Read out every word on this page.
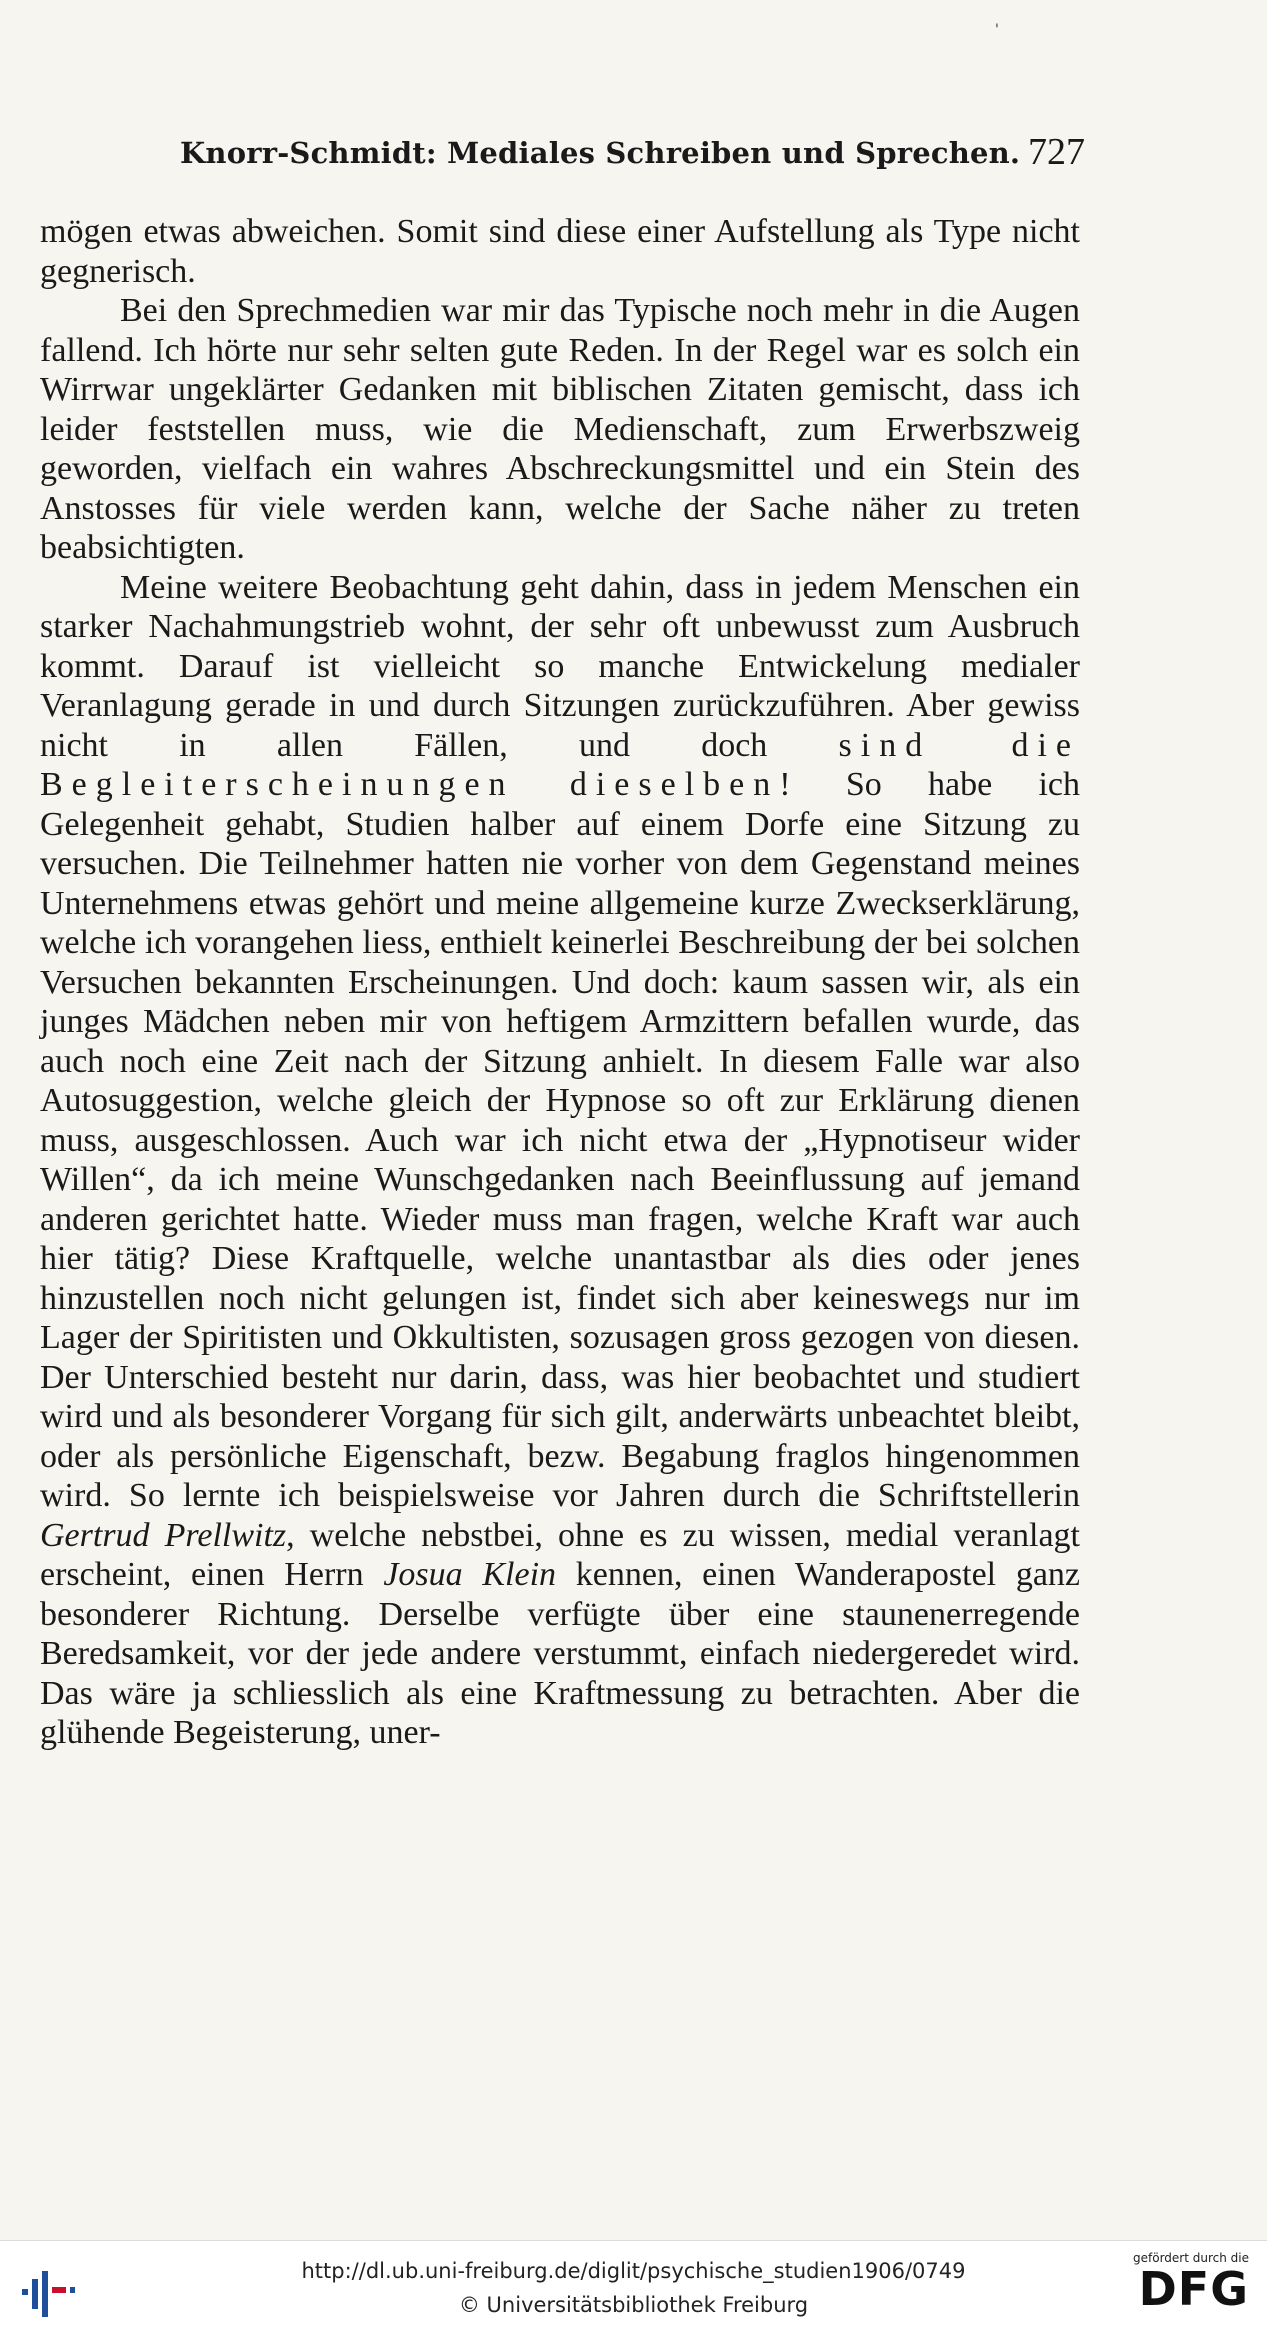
'
Knorr-Schmidt: Mediales Schreiben und Sprechen. 727

mögen etwas abweichen. Somit sind diese einer Aufstellung als Type nicht gegnerisch.

Bei den Sprechmedien war mir das Typische noch mehr in die Augen fallend. Ich hörte nur sehr selten gute Reden. In der Regel war es solch ein Wirrwar ungeklärter Gedanken mit biblischen Zitaten gemischt, dass ich leider feststellen muss, wie die Medienschaft, zum Erwerbszweig geworden, vielfach ein wahres Abschreckungsmittel und ein Stein des Anstosses für viele werden kann, welche der Sache näher zu treten beabsichtigten.

Meine weitere Beobachtung geht dahin, dass in jedem Menschen ein starker Nachahmungstrieb wohnt, der sehr oft unbewusst zum Ausbruch kommt. Darauf ist vielleicht so manche Entwickelung medialer Veranlagung gerade in und durch Sitzungen zurückzuführen. Aber gewiss nicht in allen Fällen, und doch sind die Begleiterscheinungen dieselben! So habe ich Gelegenheit gehabt, Studien halber auf einem Dorfe eine Sitzung zu versuchen. Die Teilnehmer hatten nie vorher von dem Gegenstand meines Unternehmens etwas gehört und meine allgemeine kurze Zweckserklärung, welche ich vorangehen liess, enthielt keinerlei Beschreibung der bei solchen Versuchen bekannten Erscheinungen. Und doch: kaum sassen wir, als ein junges Mädchen neben mir von heftigem Armzittern befallen wurde, das auch noch eine Zeit nach der Sitzung anhielt. In diesem Falle war also Autosuggestion, welche gleich der Hypnose so oft zur Erklärung dienen muss, ausgeschlossen. Auch war ich nicht etwa der „Hypnotiseur wider Willen“, da ich meine Wunschgedanken nach Beeinflussung auf jemand anderen gerichtet hatte. Wieder muss man fragen, welche Kraft war auch hier tätig? Diese Kraftquelle, welche unantastbar als dies oder jenes hinzustellen noch nicht gelungen ist, findet sich aber keineswegs nur im Lager der Spiritisten und Okkultisten, sozusagen gross gezogen von diesen. Der Unterschied besteht nur darin, dass, was hier beobachtet und studiert wird und als besonderer Vorgang für sich gilt, anderwärts unbeachtet bleibt, oder als persönliche Eigenschaft, bezw. Begabung fraglos hingenommen wird. So lernte ich beispielsweise vor Jahren durch die Schriftstellerin Gertrud Prellwitz, welche nebstbei, ohne es zu wissen, medial veranlagt erscheint, einen Herrn Josua Klein kennen, einen Wanderapostel ganz besonderer Richtung. Derselbe verfügte über eine staunenerregende Beredsamkeit, vor der jede andere verstummt, einfach niedergeredet wird. Das wäre ja schliesslich als eine Kraftmessung zu betrachten. Aber die glühende Begeisterung, uner-

http://dl.ub.uni-freiburg.de/diglit/psychische_studien1906/0749
© Universitätsbibliothek Freiburg
gefördert durch die
DFG
